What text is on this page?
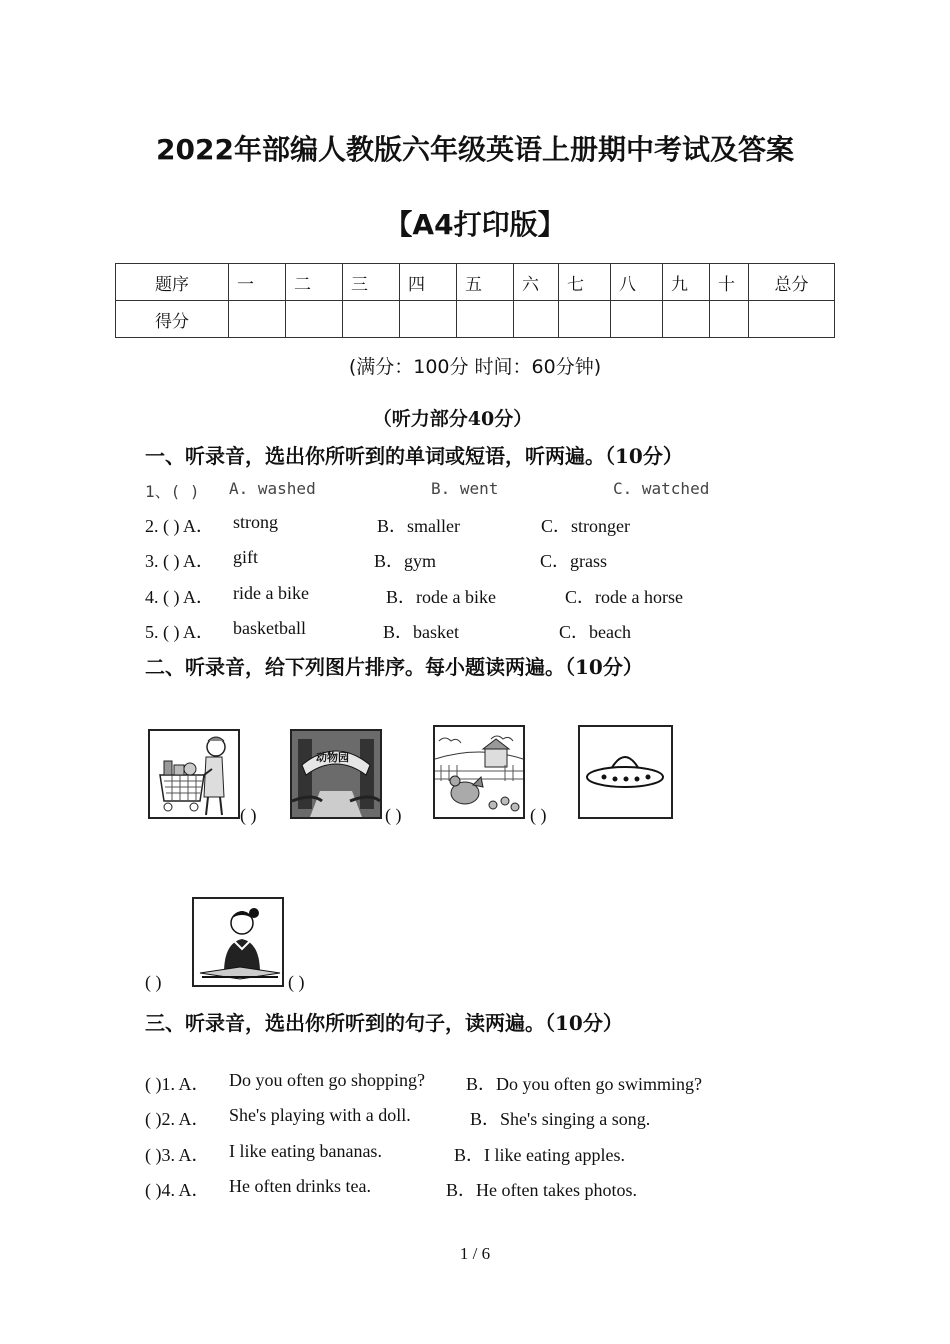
2022年部编人教版六年级英语上册期中考试及答案
【A4打印版】
题序	一	二	三	四	五	六	七	八	九	十	总分
得分											
(满分：100分 时间：60分钟)
（听力部分40分）
一、听录音，选出你所听到的单词或短语，听两遍。（10分）
1、( ) A. washed	B. went	C. watched
2. ( ) A． strong	B．smaller	C．stronger
3. ( ) A． gift	B．gym	C．grass
4. ( ) A． ride a bike	B．rode a bike	C．rode a horse
5. ( ) A． basketball	B．basket	C．beach
二、听录音，给下列图片排序。每小题读两遍。（10分）
( )
动物园
( )	( )
( )	( )
三、听录音，选出你所听到的句子，读两遍。（10分）
( )1. A． Do you often go shopping? B．Do you often go swimming?
( )2. A． She's playing with a doll.	B．She's singing a song.
( )3. A． I like eating bananas.	B．I like eating apples.
( )4. A． He often drinks tea.	B．He often takes photos.
1 / 6
